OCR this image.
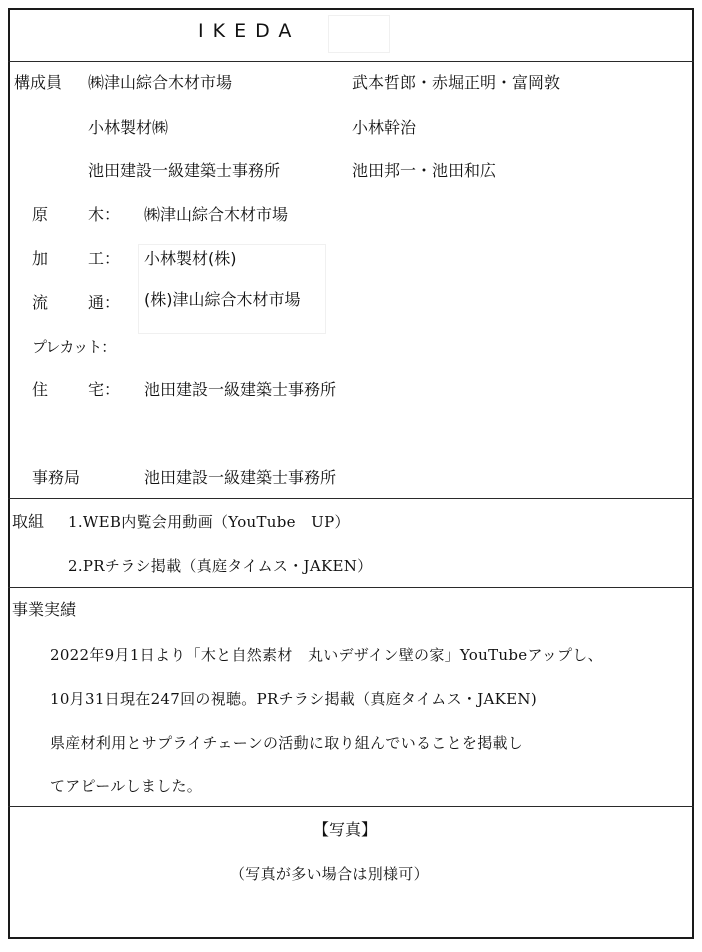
IKEDA
構成員 ㈱津山綜合木材市場	武本哲郎・赤堀正明・富岡敦
小林製材㈱	小林幹治
池田建設一級建築士事務所	池田邦一・池田和広
原 木： ㈱津山綜合木材市場
加 工： 小林製材(株)
流 通： (株)津山綜合木材市場
プレカット：
住 宅： 池田建設一級建築士事務所
事務局	池田建設一級建築士事務所
取組 1.WEB内覧会用動画（YouTube　UP）
2.PRチラシ掲載（真庭タイムス・JAKEN）
事業実績
2022年9月1日より「木と自然素材　丸いデザイン壁の家」YouTubeアップし、
10月31日現在247回の視聴。PRチラシ掲載（真庭タイムス・JAKEN)
県産材利用とサプライチェーンの活動に取り組んでいることを掲載し
てアピールしました。
【写真】
（写真が多い場合は別様可）
